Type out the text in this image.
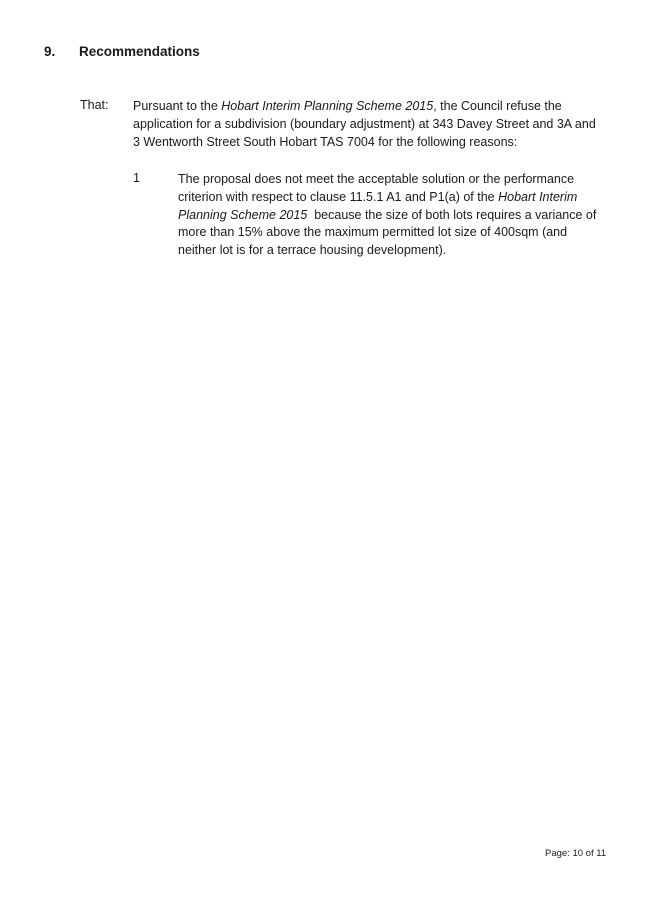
9. Recommendations
That: Pursuant to the Hobart Interim Planning Scheme 2015, the Council refuse the application for a subdivision (boundary adjustment) at 343 Davey Street and 3A and 3 Wentworth Street South Hobart TAS 7004 for the following reasons:
1	The proposal does not meet the acceptable solution or the performance criterion with respect to clause 11.5.1 A1 and P1(a) of the Hobart Interim Planning Scheme 2015  because the size of both lots requires a variance of more than 15% above the maximum permitted lot size of 400sqm (and neither lot is for a terrace housing development).
Page: 10 of 11
